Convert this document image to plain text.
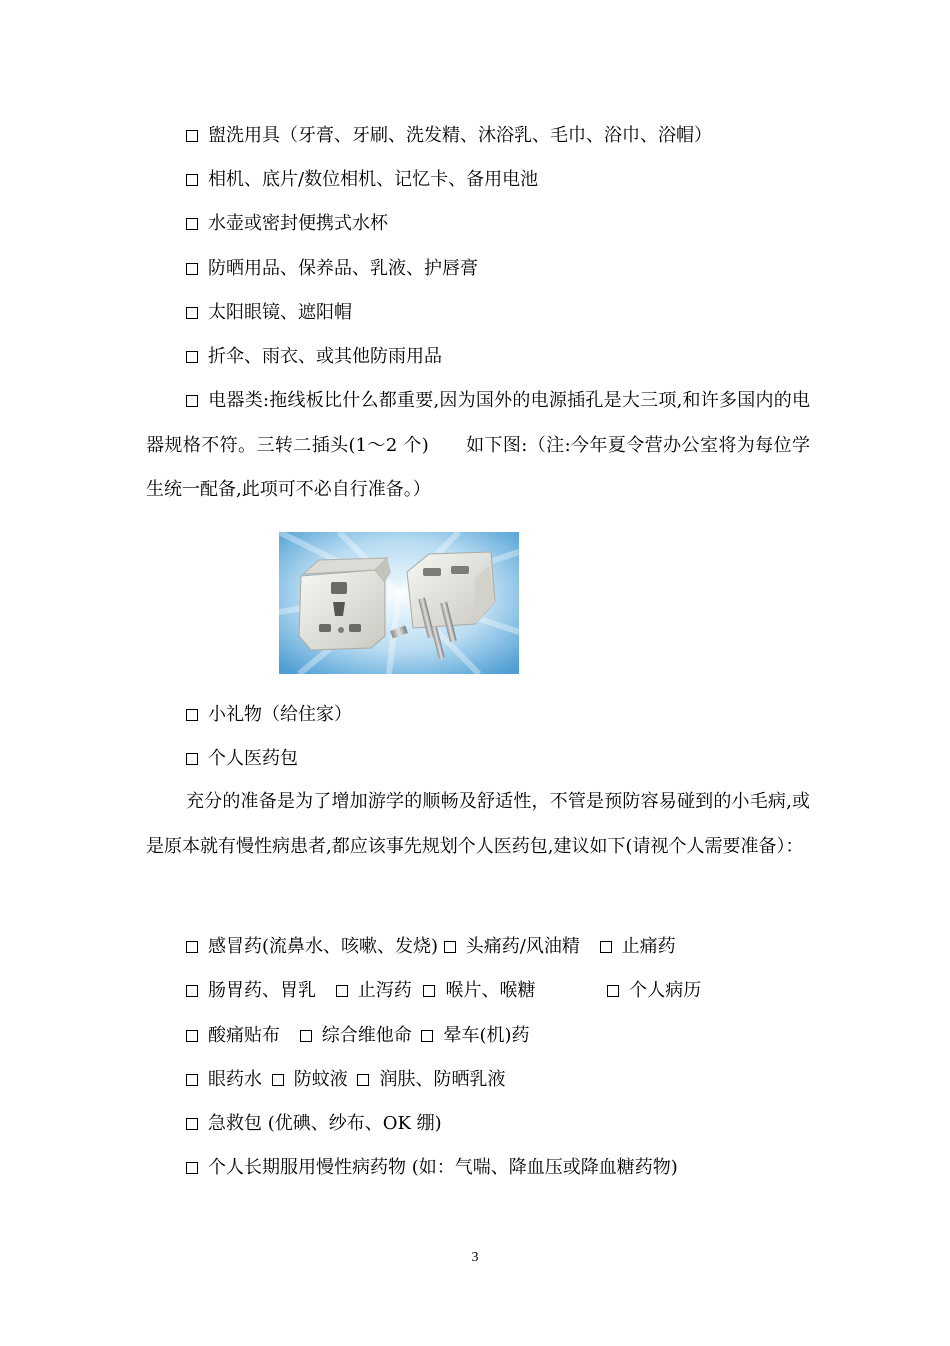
盥洗用具（牙膏、牙刷、洗发精、沐浴乳、毛巾、浴巾、浴帽）
相机、底片/数位相机、记忆卡、备用电池
水壶或密封便携式水杯
防晒用品、保养品、乳液、护唇膏
太阳眼镜、遮阳帽
折伞、雨衣、或其他防雨用品
电器类:拖线板比什么都重要,因为国外的电源插孔是大三项,和许多国内的电器规格不符。三转二插头(1～2 个)　　如下图:（注:今年夏令营办公室将为每位学生统一配备,此项可不必自行准备。）
小礼物（给住家）
个人医药包
充分的准备是为了增加游学的顺畅及舒适性，不管是预防容易碰到的小毛病,或是原本就有慢性病患者,都应该事先规划个人医药包,建议如下(请视个人需要准备）：
感冒药(流鼻水、咳嗽、发烧) 头痛药/风油精 止痛药
肠胃药、胃乳 止泻药 喉片、喉糖	个人病历
酸痛贴布 综合维他命 晕车(机)药
眼药水 防蚊液 润肤、防晒乳液
急救包 (优碘、纱布、OK 绷)
个人长期服用慢性病药物 (如：气喘、降血压或降血糖药物)
3
